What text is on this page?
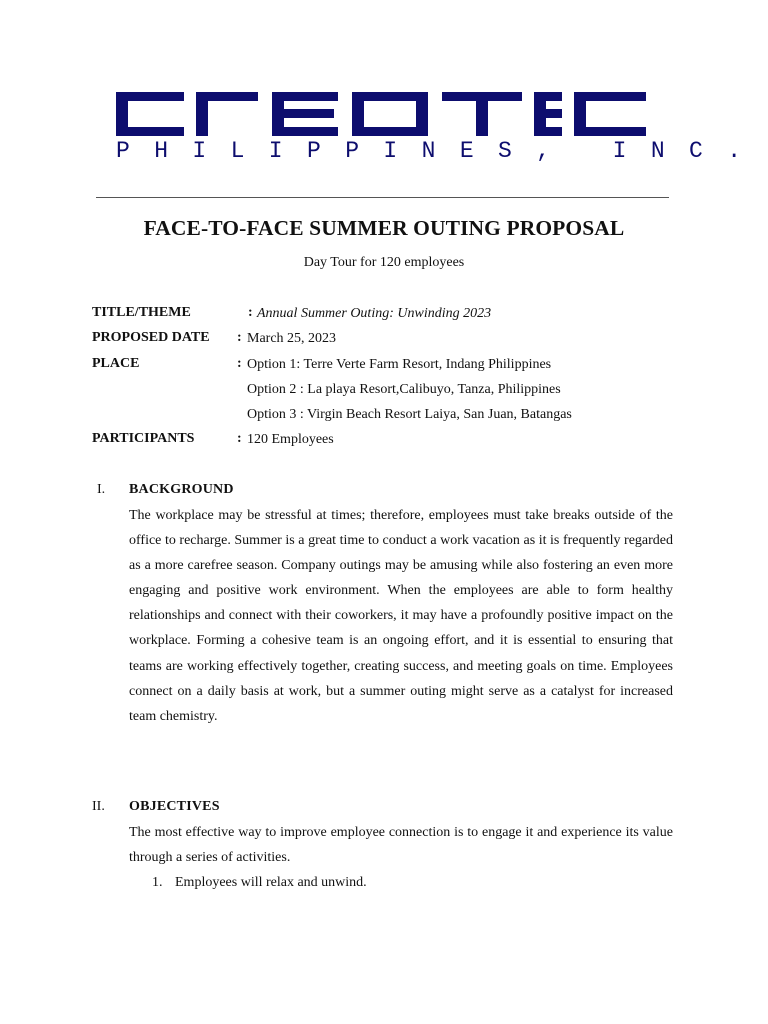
PHILIPPINES, INC.
FACE-TO-FACE SUMMER OUTING PROPOSAL
Day Tour for 120 employees
TITLE/THEME	: Annual Summer Outing: Unwinding 2023
PROPOSED DATE : March 25, 2023
PLACE	: Option 1: Terre Verte Farm Resort, Indang Philippines
Option 2 : La playa Resort,Calibuyo, Tanza, Philippines
Option 3 : Virgin Beach Resort Laiya, San Juan, Batangas
PARTICIPANTS	: 120 Employees
I. BACKGROUND

The workplace may be stressful at times; therefore, employees must take breaks outside of the office to recharge. Summer is a great time to conduct a work vacation as it is frequently regarded as a more carefree season. Company outings may be amusing while also fostering an even more engaging and positive work environment. When the employees are able to form healthy relationships and connect with their coworkers, it may have a profoundly positive impact on the workplace. Forming a cohesive team is an ongoing effort, and it is essential to ensuring that teams are working effectively together, creating success, and meeting goals on time. Employees connect on a daily basis at work, but a summer outing might serve as a catalyst for increased team chemistry.

II. OBJECTIVES

The most effective way to improve employee connection is to engage it and experience its value through a series of activities.

1. Employees will relax and unwind.
